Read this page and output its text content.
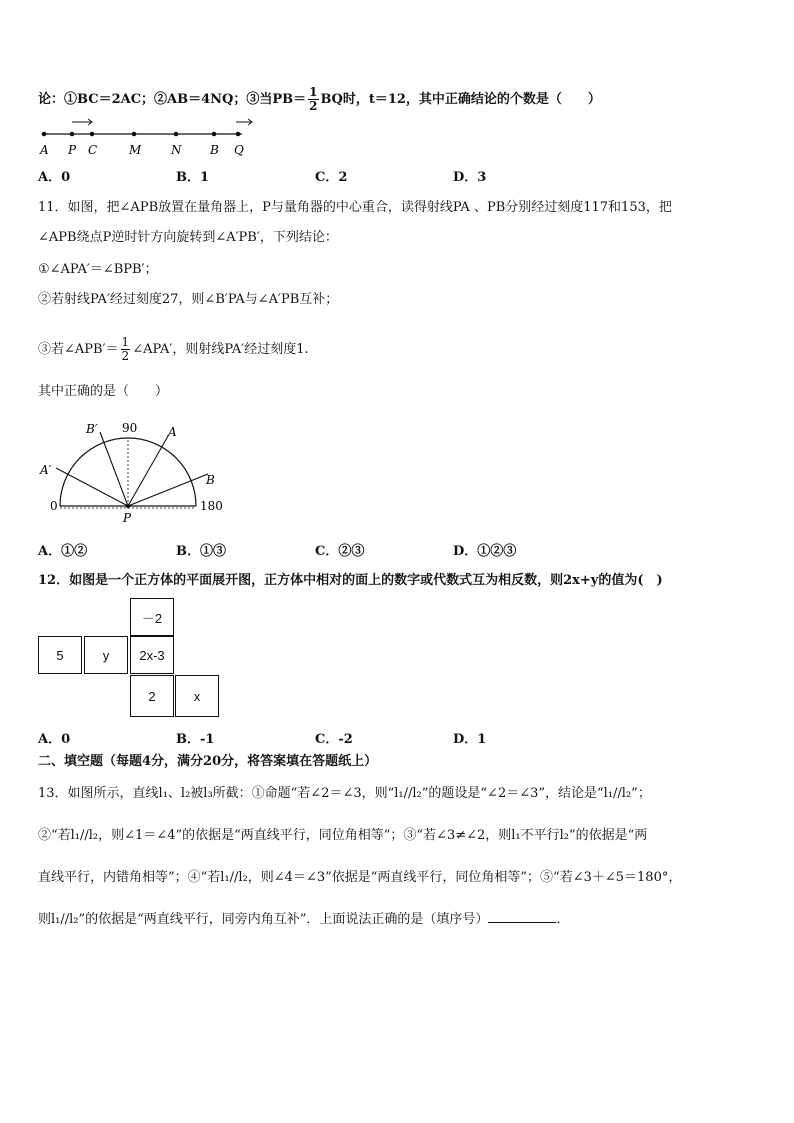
论：①BC＝2AC；②AB＝4NQ；③当$PB= \frac{1}{2}$ BQ时，t＝12，其中正确结论的个数是（　　）
A P C	M N B Q
A．0	B．1	C．2	D．3
11．如图，把∠APB放置在量角器上，P与量角器的中心重合，读得射线PA 、PB分别经过刻度117和153，把
∠APB绕点P逆时针方向旋转到∠A′PB′，下列结论：
①∠APA′＝∠BPB′；
②若射线PA′经过刻度27，则∠B′PA与∠A′PB互补；
③若∠APB′＝ $\frac{1}{2}$ ∠APA′，则射线PA′经过刻度1.
其中正确的是（　　）
90
0	180
A
B
A′
B′
P
A．①②	B．①③	C．②③	D．①②③
12．如图是一个正方体的平面展开图，正方体中相对的面上的数字或代数式互为相反数，则2x+y的值为(　)
－2
5	y	2x-3
2	x
A．0	B．-1	C．-2	D．1
二、填空题（每题4分，满分20分，将答案填在答题纸上）
13．如图所示，直线l₁、l₂被l₃所截：①命题“若∠2＝∠3，则“l₁//l₂”的题设是“∠2＝∠3”，结论是“l₁//l₂”；
②“若l₁//l₂，则∠1＝∠4”的依据是“两直线平行，同位角相等”；③“若∠3≠∠2，则l₁不平行l₂”的依据是“两
直线平行，内错角相等”；④“若l₁//l₂，则∠4＝∠3”依据是“两直线平行，同位角相等”；⑤“若∠3＋∠5＝180°，
则l₁//l₂”的依据是“两直线平行，同旁内角互补”．上面说法正确的是（填序号）	．
